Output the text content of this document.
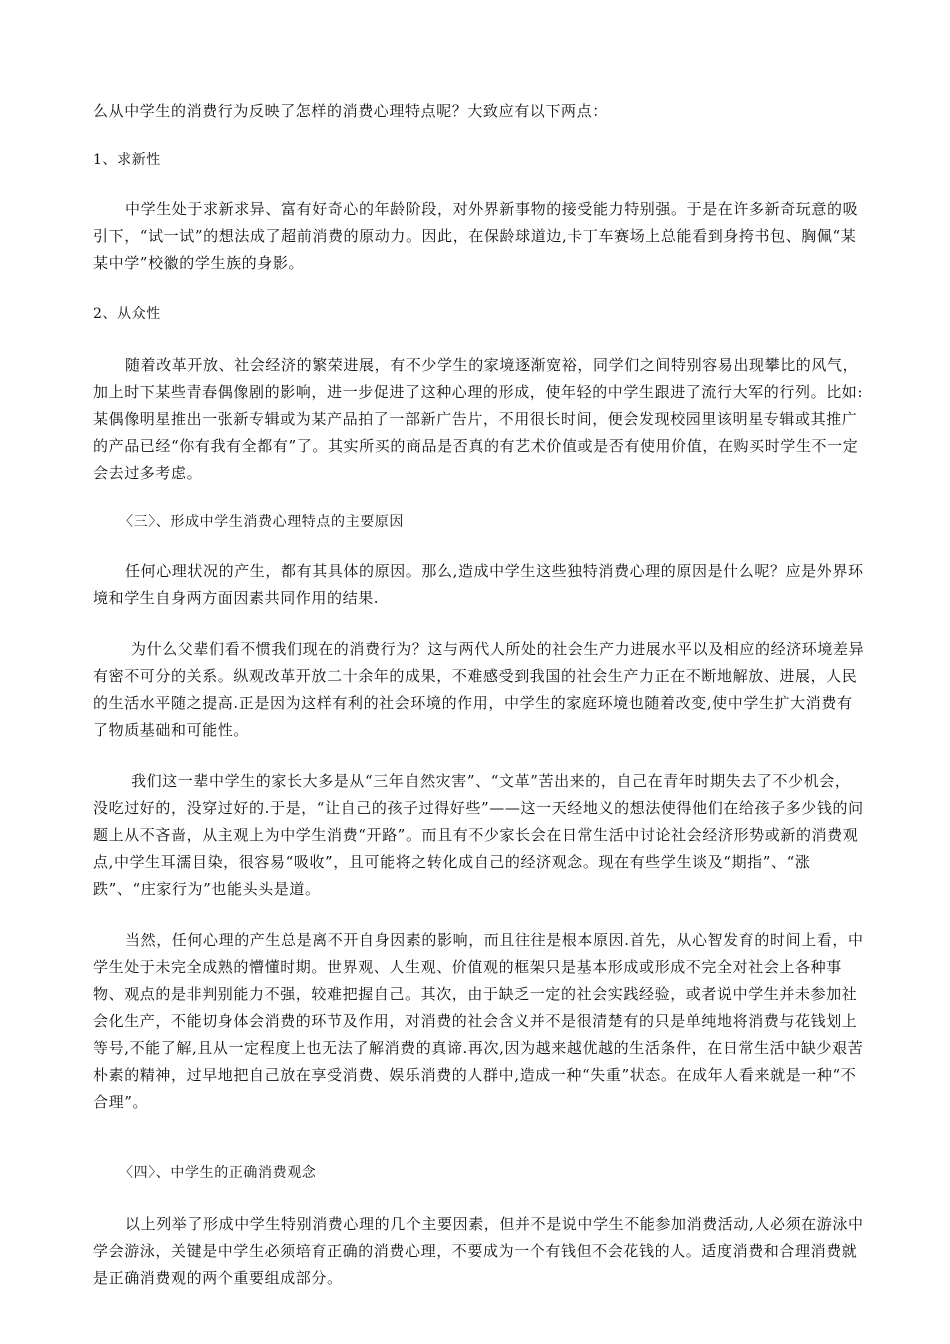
么从中学生的消费行为反映了怎样的消费心理特点呢？大致应有以下两点：

1、求新性

中学生处于求新求异、富有好奇心的年龄阶段，对外界新事物的接受能力特别强。于是在许多新奇玩意的吸引下，“试一试”的想法成了超前消费的原动力。因此，在保龄球道边,卡丁车赛场上总能看到身挎书包、胸佩“某某中学”校徽的学生族的身影。

2、从众性

随着改革开放、社会经济的繁荣进展，有不少学生的家境逐渐宽裕，同学们之间特别容易出现攀比的风气，加上时下某些青春偶像剧的影响，进一步促进了这种心理的形成，使年轻的中学生跟进了流行大军的行列。比如:某偶像明星推出一张新专辑或为某产品拍了一部新广告片，不用很长时间，便会发现校园里该明星专辑或其推广的产品已经“你有我有全都有”了。其实所买的商品是否真的有艺术价值或是否有使用价值，在购买时学生不一定会去过多考虑。

〈三〉、形成中学生消费心理特点的主要原因

任何心理状况的产生，都有其具体的原因。那么,造成中学生这些独特消费心理的原因是什么呢？应是外界环境和学生自身两方面因素共同作用的结果.

为什么父辈们看不惯我们现在的消费行为？这与两代人所处的社会生产力进展水平以及相应的经济环境差异有密不可分的关系。纵观改革开放二十余年的成果，不难感受到我国的社会生产力正在不断地解放、进展，人民的生活水平随之提高.正是因为这样有利的社会环境的作用，中学生的家庭环境也随着改变,使中学生扩大消费有了物质基础和可能性。

我们这一辈中学生的家长大多是从“三年自然灾害”、“文革”苦出来的，自己在青年时期失去了不少机会，没吃过好的，没穿过好的.于是，“让自己的孩子过得好些”——这一天经地义的想法使得他们在给孩子多少钱的问题上从不吝啬，从主观上为中学生消费“开路”。而且有不少家长会在日常生活中讨论社会经济形势或新的消费观点,中学生耳濡目染，很容易“吸收”，且可能将之转化成自己的经济观念。现在有些学生谈及“期指”、“涨跌”、“庄家行为”也能头头是道。

当然，任何心理的产生总是离不开自身因素的影响，而且往往是根本原因.首先，从心智发育的时间上看，中学生处于未完全成熟的懵懂时期。世界观、人生观、价值观的框架只是基本形成或形成不完全对社会上各种事物、观点的是非判别能力不强，较难把握自己。其次，由于缺乏一定的社会实践经验，或者说中学生并未参加社会化生产，不能切身体会消费的环节及作用，对消费的社会含义并不是很清楚有的只是单纯地将消费与花钱划上等号,不能了解,且从一定程度上也无法了解消费的真谛.再次,因为越来越优越的生活条件，在日常生活中缺少艰苦朴素的精神，过早地把自己放在享受消费、娱乐消费的人群中,造成一种“失重”状态。在成年人看来就是一种“不合理”。

〈四〉、中学生的正确消费观念

以上列举了形成中学生特别消费心理的几个主要因素，但并不是说中学生不能参加消费活动,人必须在游泳中学会游泳，关键是中学生必须培育正确的消费心理，不要成为一个有钱但不会花钱的人。适度消费和合理消费就是正确消费观的两个重要组成部分。
